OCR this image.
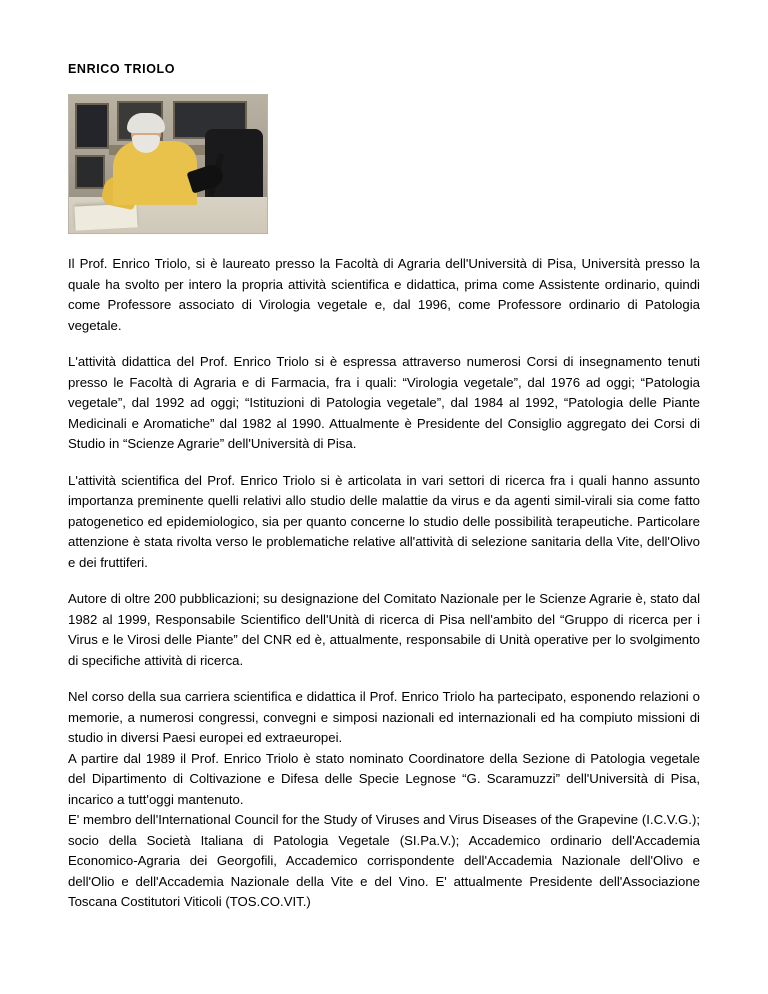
ENRICO TRIOLO

Il Prof. Enrico Triolo, si è laureato presso la Facoltà di Agraria dell'Università di Pisa, Università presso la quale ha svolto per intero la propria attività scientifica e didattica, prima come Assistente ordinario, quindi come Professore associato di Virologia vegetale e, dal 1996, come Professore ordinario di Patologia vegetale.

L'attività didattica del Prof. Enrico Triolo si è espressa attraverso numerosi Corsi di insegnamento tenuti presso le Facoltà di Agraria e di Farmacia, fra i quali: “Virologia vegetale”, dal 1976 ad oggi; “Patologia vegetale”, dal 1992 ad oggi; “Istituzioni di Patologia vegetale”, dal 1984 al 1992, “Patologia delle Piante Medicinali e Aromatiche” dal 1982 al 1990. Attualmente è Presidente del Consiglio aggregato dei Corsi di Studio in “Scienze Agrarie” dell'Università di Pisa.

L'attività scientifica del Prof. Enrico Triolo si è articolata in vari settori di ricerca fra i quali hanno assunto importanza preminente quelli relativi allo studio delle malattie da virus e da agenti simil-virali sia come fatto patogenetico ed epidemiologico, sia per quanto concerne lo studio delle possibilità terapeutiche. Particolare attenzione è stata rivolta verso le problematiche relative all'attività di selezione sanitaria della Vite, dell'Olivo e dei fruttiferi.

Autore di oltre 200 pubblicazioni; su designazione del Comitato Nazionale per le Scienze Agrarie è, stato dal 1982 al 1999, Responsabile Scientifico dell'Unità di ricerca di Pisa nell'ambito del “Gruppo di ricerca per i Virus e le Virosi delle Piante” del CNR ed è, attualmente, responsabile di Unità operative per lo svolgimento di specifiche attività di ricerca.

Nel corso della sua carriera scientifica e didattica il Prof. Enrico Triolo ha partecipato, esponendo relazioni o memorie, a numerosi congressi, convegni e simposi nazionali ed internazionali ed ha compiuto missioni di studio in diversi Paesi europei ed extraeuropei.

A partire dal 1989 il Prof. Enrico Triolo è stato nominato Coordinatore della Sezione di Patologia vegetale del Dipartimento di Coltivazione e Difesa delle Specie Legnose “G. Scaramuzzi” dell'Università di Pisa, incarico a tutt'oggi mantenuto.

E' membro dell'International Council for the Study of Viruses and Virus Diseases of the Grapevine (I.C.V.G.); socio della Società Italiana di Patologia Vegetale (SI.Pa.V.); Accademico ordinario dell'Accademia Economico-Agraria dei Georgofili, Accademico corrispondente dell'Accademia Nazionale dell'Olivo e dell'Olio e dell'Accademia Nazionale della Vite e del Vino. E' attualmente Presidente dell'Associazione Toscana Costitutori Viticoli (TOS.CO.VIT.)
